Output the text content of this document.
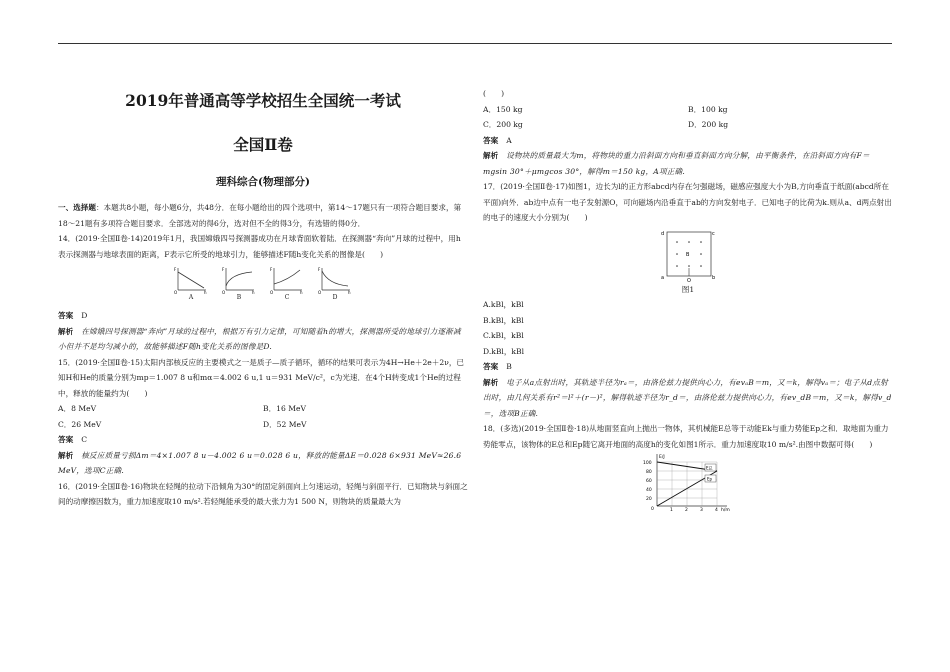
2019年普通高等学校招生全国统一考试
全国Ⅱ卷
理科综合(物理部分)

一、选择题：本题共8小题，每小题6分，共48分．在每小题给出的四个选项中，第14～17题只有一项符合题目要求，第18～21题有多项符合题目要求．全部选对的得6分，选对但不全的得3分，有选错的得0分．

14．(2019·全国Ⅱ卷·14)2019年1月，我国嫦娥四号探测器成功在月球背面软着陆．在探测器“奔向”月球的过程中，用h表示探测器与地球表面的距离，F表示它所受的地球引力，能够描述F随h变化关系的图像是(　　)

F
h
O
A
F
h
O
B
F
h
O
C
F
h
O
D

答案 D

解析 在嫦娥四号探测器“奔向”月球的过程中，根据万有引力定律，可知随着h的增大，探测器所受的地球引力逐渐减小但并不是均匀减小的，故能够描述F随h变化关系的图像是D.

15．(2019·全国Ⅱ卷·15)太阳内部核反应的主要模式之一是质子—质子循环，循环的结果可表示为4H→He＋2e＋2ν，已知H和He的质量分别为mp＝1.007 8 u和mα＝4.002 6 u,1 u＝931 MeV/c²，c为光速．在4个H转变成1个He的过程中，释放的能量约为(　　)

A．8 MeV	B．16 MeV
C．26 MeV	D．52 MeV

答案 C

解析 核反应质量亏损Δm＝4×1.007 8 u－4.002 6 u＝0.028 6 u，释放的能量ΔE＝0.028 6×931 MeV≈26.6 MeV，选项C正确.

16．(2019·全国Ⅱ卷·16)物块在轻绳的拉动下沿倾角为30°的固定斜面向上匀速运动，轻绳与斜面平行．已知物块与斜面之间的动摩擦因数为，重力加速度取10 m/s².若轻绳能承受的最大张力为1 500 N，则物块的质量最大为

(　　)

A．150 kg	B．100 kg
C．200 kg	D．200 kg

答案 A

解析 设物块的质量最大为m，将物块的重力沿斜面方向和垂直斜面方向分解，由平衡条件，在沿斜面方向有F＝mgsin 30°＋μmgcos 30°，解得m＝150 kg，A项正确.

17．(2019·全国Ⅱ卷·17)如图1，边长为l的正方形abcd内存在匀强磁场，磁感应强度大小为B,方向垂直于纸面(abcd所在平面)向外．ab边中点有一电子发射源O，可向磁场内沿垂直于ab的方向发射电子．已知电子的比荷为k.则从a、d两点射出的电子的速度大小分别为(　　)

d	c
a	b
O
B
图1

A.kBl，kBl

B.kBl，kBl

C.kBl，kBl

D.kBl，kBl

答案 B

解析 电子从a点射出时，其轨迹半径为rₐ＝，由洛伦兹力提供向心力，有evₐB＝m，又＝k，解得vₐ＝；电子从d点射出时，由几何关系有r²＝l²＋(r－)²，解得轨迹半径为r_d＝，由洛伦兹力提供向心力，有ev_dB＝m，又＝k，解得v_d＝，选项B正确.

18．(多选)(2019·全国Ⅱ卷·18)从地面竖直向上抛出一物体，其机械能E总等于动能Ek与重力势能Ep之和．取地面为重力势能零点，该物体的E总和Ep随它离开地面的高度h的变化如图1所示．重力加速度取10 m/s².由图中数据可得(　　)

E/J
h/m
100
80
60
40
20
0	1	2	3	4
E总
Ep
